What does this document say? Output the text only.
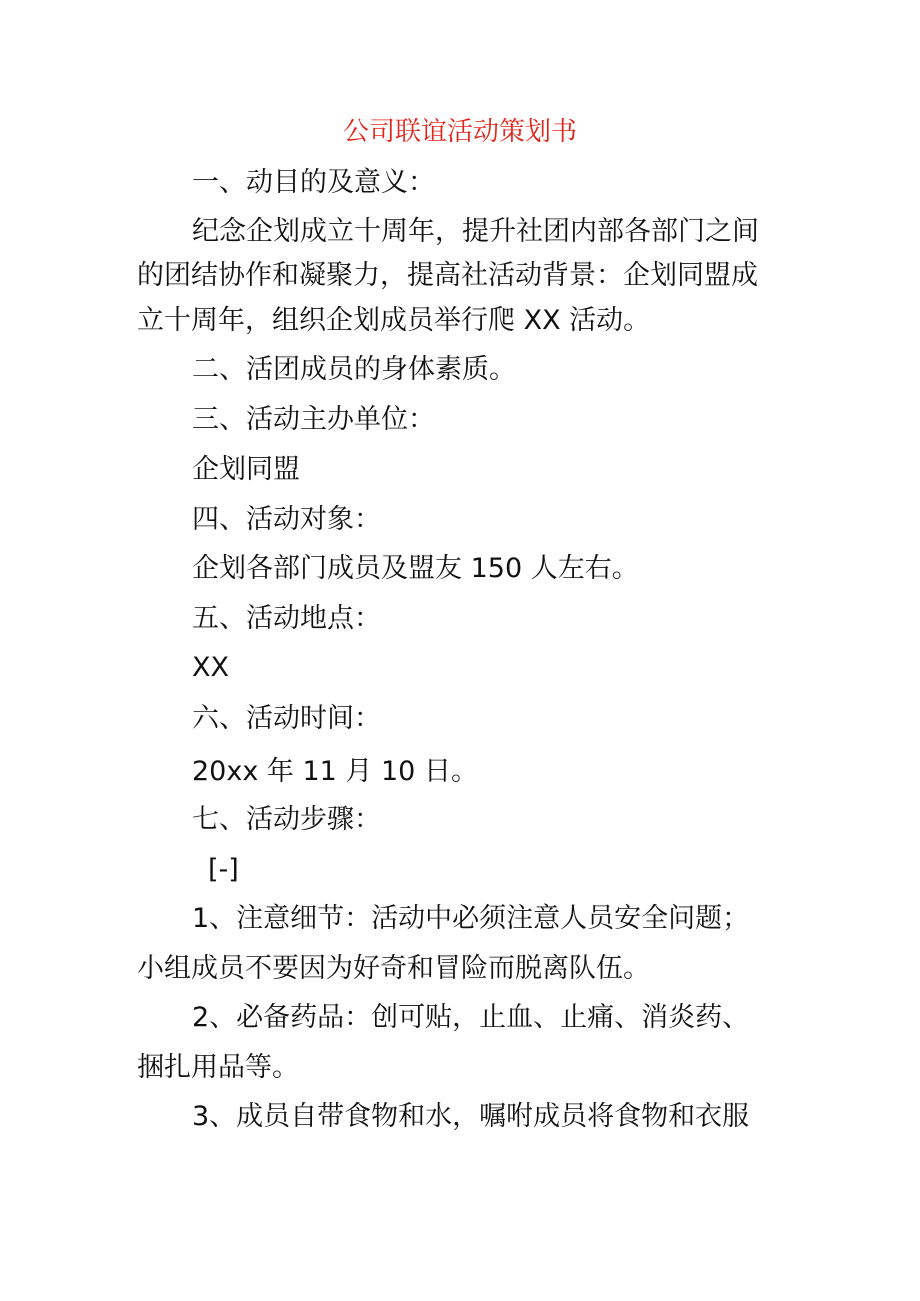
公司联谊活动策划书
一、动目的及意义：
纪念企划成立十周年，提升社团内部各部门之间
的团结协作和凝聚力，提高社活动背景：企划同盟成
立十周年，组织企划成员举行爬 XX 活动。
二、活团成员的身体素质。
三、活动主办单位：
企划同盟
四、活动对象：
企划各部门成员及盟友 150 人左右。
五、活动地点：
XX
六、活动时间：
20xx 年 11 月 10 日。
七、活动步骤：
[-]
1、注意细节：活动中必须注意人员安全问题；
小组成员不要因为好奇和冒险而脱离队伍。
2、必备药品：创可贴，止血、止痛、消炎药、
捆扎用品等。
3、成员自带食物和水，嘱咐成员将食物和衣服
